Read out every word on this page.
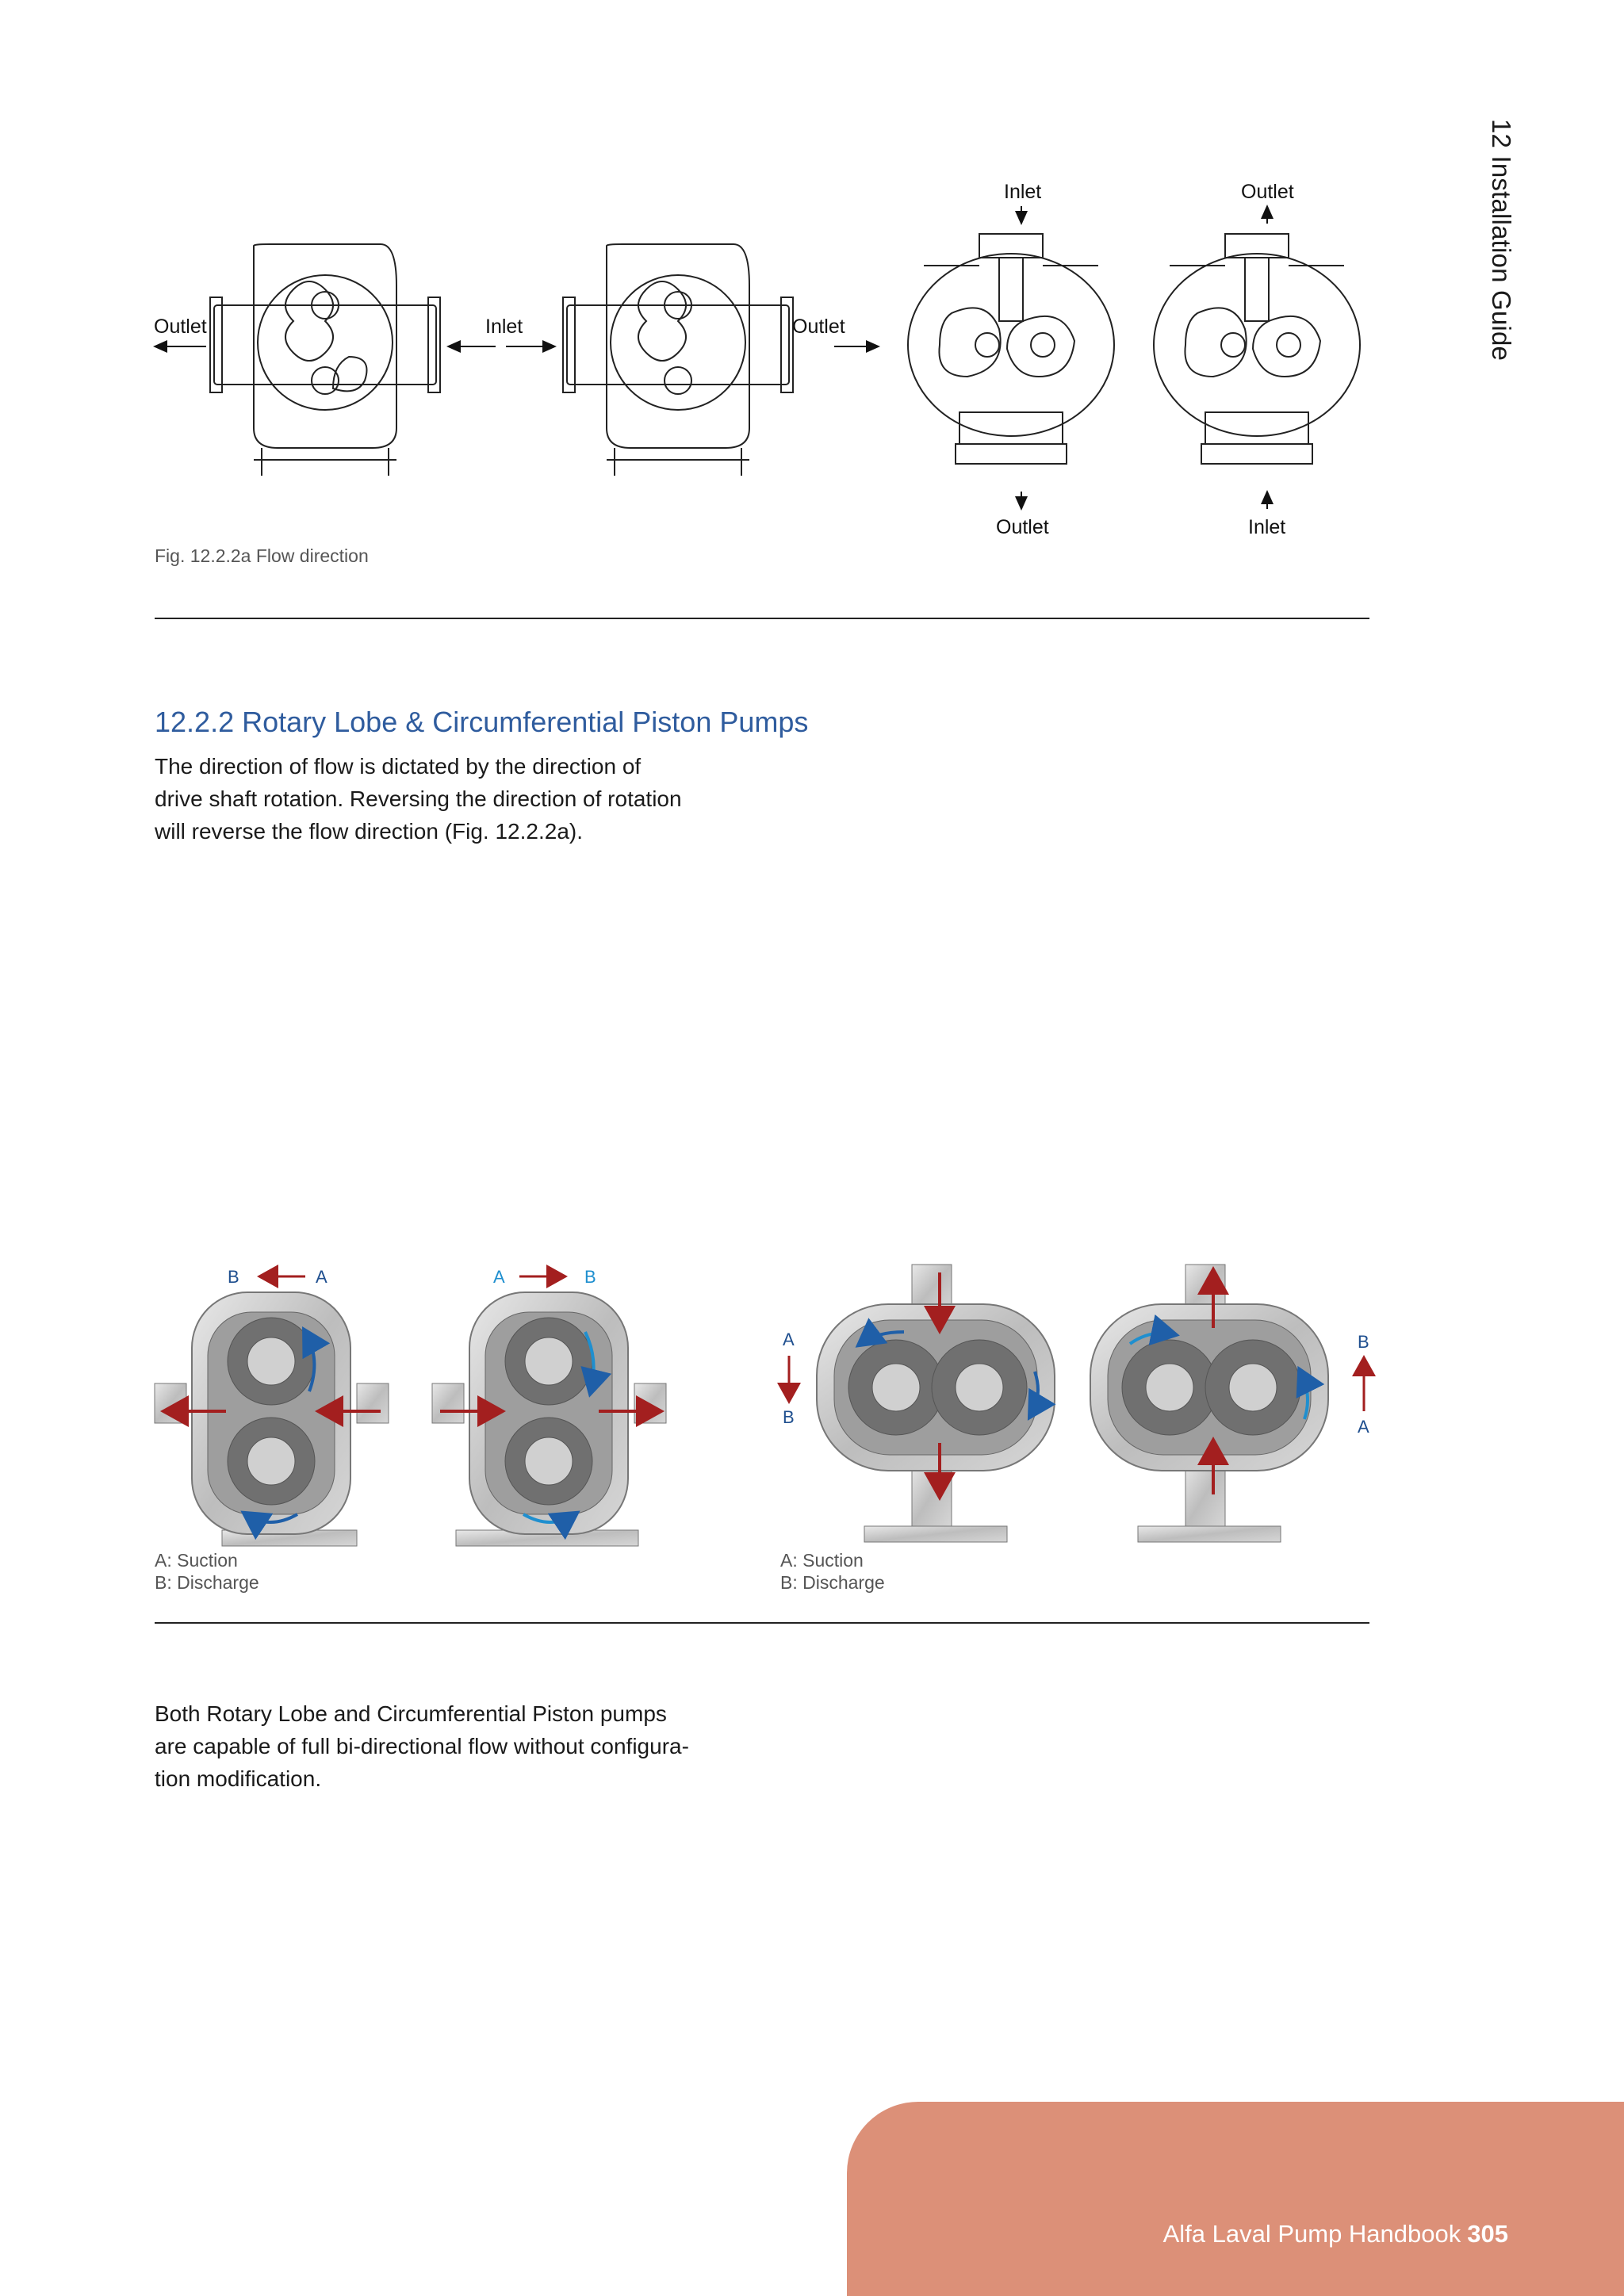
12 Installation Guide
Outlet	Inlet	Outlet
Inlet
Outlet
Outlet
Inlet
Fig. 12.2.2a Flow direction
12.2.2 Rotary Lobe & Circumferential Piston Pumps
The direction of flow is dictated by the direction of
drive shaft rotation. Reversing the direction of rotation
will reverse the flow direction (Fig. 12.2.2a).
B	A	A	B
A
B
B
A
A: Suction
B: Discharge
A: Suction
B: Discharge
Both Rotary Lobe and Circumferential Piston pumps
are capable of full bi-directional flow without configura-
tion modification.
Alfa Laval Pump Handbook 305
